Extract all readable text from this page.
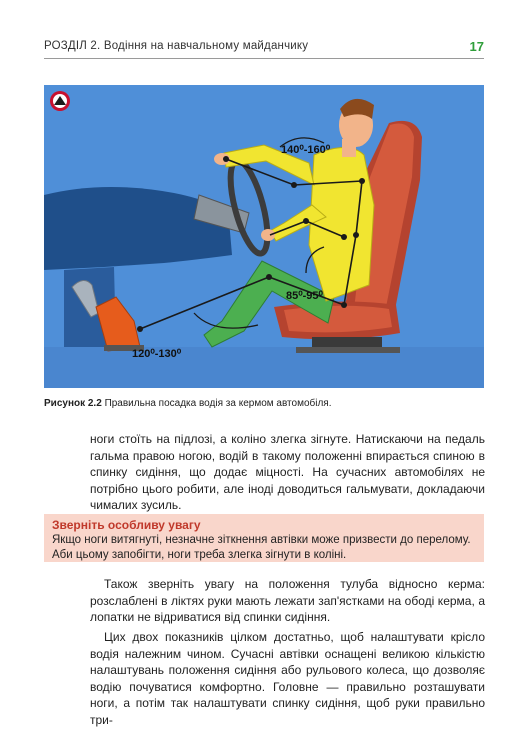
РОЗДІЛ 2. Водіння на навчальному майданчику	17
140⁰-160⁰
85⁰-95⁰
120⁰-130⁰
Рисунок 2.2 Правильна посадка водія за кермом автомобіля.
ноги стоїть на підлозі, а коліно злегка зігнуте. Натискаючи на педаль гальма правою ногою, водій в такому положенні впирається спиною в спинку сидіння, що додає міцності. На сучасних автомобілях не потрібно цього робити, але іноді доводиться гальмувати, докладаючи чималих зусиль.
Зверніть особливу увагу
Якщо ноги витягнуті, незначне зіткнення автівки може призвести до перелому. Аби цьому запобігти, ноги треба злегка зігнути в коліні.
Також зверніть увагу на положення тулуба відносно керма: розслаблені в ліктях руки мають лежати зап'ястками на ободі керма, а лопатки не відриватися від спинки сидіння.
Цих двох показників цілком достатньо, щоб налаштувати крісло водія належним чином. Сучасні автівки оснащені великою кількістю налаштувань положення сидіння або рульового колеса, що дозволяє водію почуватися комфортно. Головне — правильно розташувати ноги, а потім так налаштувати спинку сидіння, щоб руки правильно три-
